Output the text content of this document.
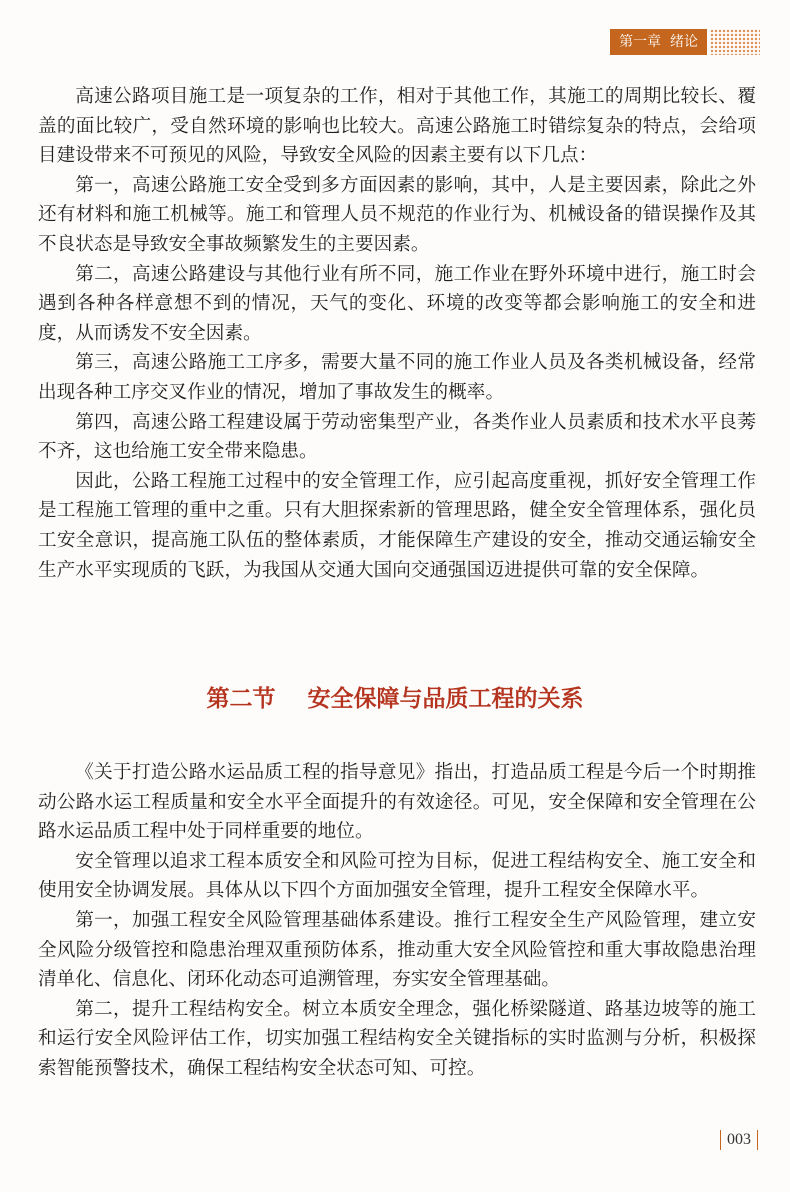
第一章  绪论

高速公路项目施工是一项复杂的工作，相对于其他工作，其施工的周期比较长、覆盖的面比较广，受自然环境的影响也比较大。高速公路施工时错综复杂的特点，会给项目建设带来不可预见的风险，导致安全风险的因素主要有以下几点：

第一，高速公路施工安全受到多方面因素的影响，其中，人是主要因素，除此之外还有材料和施工机械等。施工和管理人员不规范的作业行为、机械设备的错误操作及其不良状态是导致安全事故频繁发生的主要因素。

第二，高速公路建设与其他行业有所不同，施工作业在野外环境中进行，施工时会遇到各种各样意想不到的情况，天气的变化、环境的改变等都会影响施工的安全和进度，从而诱发不安全因素。

第三，高速公路施工工序多，需要大量不同的施工作业人员及各类机械设备，经常出现各种工序交叉作业的情况，增加了事故发生的概率。

第四，高速公路工程建设属于劳动密集型产业，各类作业人员素质和技术水平良莠不齐，这也给施工安全带来隐患。

因此，公路工程施工过程中的安全管理工作，应引起高度重视，抓好安全管理工作是工程施工管理的重中之重。只有大胆探索新的管理思路，健全安全管理体系，强化员工安全意识，提高施工队伍的整体素质，才能保障生产建设的安全，推动交通运输安全生产水平实现质的飞跃，为我国从交通大国向交通强国迈进提供可靠的安全保障。

第二节    安全保障与品质工程的关系

《关于打造公路水运品质工程的指导意见》指出，打造品质工程是今后一个时期推动公路水运工程质量和安全水平全面提升的有效途径。可见，安全保障和安全管理在公路水运品质工程中处于同样重要的地位。

安全管理以追求工程本质安全和风险可控为目标，促进工程结构安全、施工安全和使用安全协调发展。具体从以下四个方面加强安全管理，提升工程安全保障水平。

第一，加强工程安全风险管理基础体系建设。推行工程安全生产风险管理，建立安全风险分级管控和隐患治理双重预防体系，推动重大安全风险管控和重大事故隐患治理清单化、信息化、闭环化动态可追溯管理，夯实安全管理基础。

第二，提升工程结构安全。树立本质安全理念，强化桥梁隧道、路基边坡等的施工和运行安全风险评估工作，切实加强工程结构安全关键指标的实时监测与分析，积极探索智能预警技术，确保工程结构安全状态可知、可控。

003
